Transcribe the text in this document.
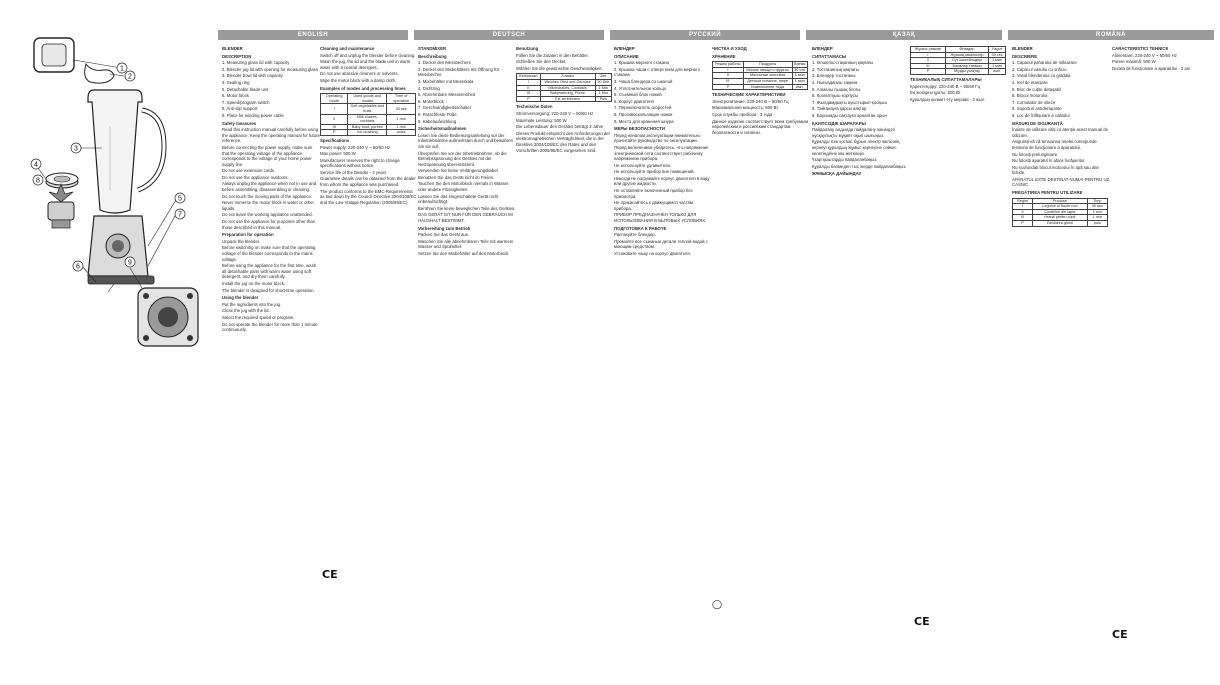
1
2
3
4
8
5
7
6
9
ENGLISH	DEUTSCH	РУССКИЙ	ҚАЗАҚ	ROMÂNĂ

BLENDER

DESCRIPTION

1. Measuring glass lid with capacity

2. Blender jug lid with opening for measuring glass

3. Blender bowl lid with capacity

4. Sealing ring

5. Detachable blade unit

6. Motor block

7. Speed/program switch

8. Anti-slip support

9. Place for winding power cable

Safety measures

Read this instruction manual carefully before using the appliance. Keep the operating manual for future reference.

Before connecting the power supply, make sure that the operating voltage of the appliance corresponds to the voltage of your home power supply line.

Do not use extension cords.

Do not use the appliance outdoors.

Always unplug the appliance when not in use and before assembling, disassembling or cleaning.

Do not touch the moving parts of the appliance.

Never immerse the motor block in water or other liquids.

Do not leave the working appliance unattended.

Do not use the appliance for purposes other than those described in this manual.

Preparation for operation

Unpack the blender.

Before switching on make sure that the operating voltage of the blender corresponds to the mains voltage.

Before using the appliance for the first time, wash all detachable parts with warm water using soft detergent, and dry them carefully.

Install the jug on the motor block.

The blender is designed for short-time operation.

Using the blender

Put the ingredients into the jug.

Close the jug with the lid.

Select the required speed or program.

Do not operate the blender for more than 1 minute continuously.

Cleaning and maintenance

Switch off and unplug the blender before cleaning.

Wash the jug, the lid and the blade unit in warm water with a neutral detergent.

Do not use abrasive cleaners or solvents.

Wipe the motor block with a damp cloth.

Examples of modes and processing times

Operating mode	Used goods and modes	Time of operation
I	Soft vegetables and fruits	30 sec
II	Milk shakes, cocktails	1 min
III	Baby food, purees	1 min
P	Ice crushing	pulse

Specifications

Power supply: 220-240 V ~ 50/60 Hz

Max power: 500 W

Manufacturer reserves the right to change specifications without notice.

Service life of the blender - 3 years

Guarantee details can be obtained from the dealer from whom the appliance was purchased.

The product conforms to the EMC-Requirements as laid down by the Council Directive 2004/108/EC and the Low Voltage Regulation (2006/95/EC).

CE

STANDMIXER

Beschreibung

1. Deckel des Messbechers

2. Deckel des Mixbehälters mit Öffnung für Messbecher

3. Mixbehälter mit Messskala

4. Dichtring

5. Abnehmbare Messereinheit

6. Motorblock

7. Geschwindigkeitsschalter

8. Rutschfeste Füße

9. Kabelaufwicklung

Sicherheitsmaßnahmen

Lesen Sie diese Bedienungsanleitung vor der Inbetriebnahme aufmerksam durch und bewahren Sie sie auf.

Überprüfen Sie vor der Inbetriebnahme, ob die Betriebsspannung des Gerätes mit der Netzspannung übereinstimmt.

Verwenden Sie keine Verlängerungskabel.

Benutzen Sie das Gerät nicht im Freien.

Tauchen Sie den Motorblock niemals in Wasser oder andere Flüssigkeiten.

Lassen Sie das eingeschaltete Gerät nicht unbeaufsichtigt.

Berühren Sie keine beweglichen Teile des Gerätes.

DAS GERÄT IST NUR FÜR DEN GEBRAUCH IM HAUSHALT BESTIMMT.

Vorbereitung zum Betrieb

Packen Sie das Gerät aus.

Waschen Sie alle abnehmbaren Teile mit warmem Wasser und Spülmittel.

Setzen Sie den Mixbehälter auf den Motorblock.

Benutzung

Füllen Sie die Zutaten in den Behälter.

Schließen Sie den Deckel.

Wählen Sie die gewünschte Geschwindigkeit.

Betriebsart	Zutaten	Zeit
I	Weiches Obst und Gemüse	30 Sek
II	Milchshakes, Cocktails	1 Min
III	Babynahrung, Püree	1 Min
P	Eis zerkleinern	Puls

Technische Daten

Stromversorgung: 220-240 V ~ 50/60 Hz

Maximale Leistung: 500 W

Die Lebensdauer des Gerätes beträgt 3 Jahre

Dieses Produkt entspricht den Anforderungen der elektromagnetischen Verträglichkeit, die in der Direktive 2004/108/EC des Rates und den Vorschriften 2006/95/EC vorgesehen sind.

БЛЕНДЕР

ОПИСАНИЕ

1. Крышка мерного стакана

2. Крышка чаши с отверстием для мерного стакана

3. Чаша блендера со шкалой

4. Уплотнительное кольцо

5. Съемный блок ножей

6. Корпус двигателя

7. Переключатель скоростей

8. Противоскользящие ножки

9. Место для хранения шнура

МЕРЫ БЕЗОПАСНОСТИ

Перед началом эксплуатации внимательно прочитайте руководство по эксплуатации.

Перед включением убедитесь, что напряжение электрической сети соответствует рабочему напряжению прибора.

Не используйте удлинители.

Не используйте прибор вне помещений.

Никогда не погружайте корпус двигателя в воду или другие жидкости.

Не оставляйте включенный прибор без присмотра.

Не прикасайтесь к движущимся частям прибора.

ПРИБОР ПРЕДНАЗНАЧЕН ТОЛЬКО ДЛЯ ИСПОЛЬЗОВАНИЯ В БЫТОВЫХ УСЛОВИЯХ.

ПОДГОТОВКА К РАБОТЕ

Распакуйте блендер.

Промойте все съемные детали теплой водой с моющим средством.

Установите чашу на корпус двигателя.

ЧИСТКА И УХОД

ХРАНЕНИЕ

Режим работы	Продукты	Время
I	Мягкие овощи и фрукты	30 сек
II	Молочные коктейли	1 мин
III	Детское питание, пюре	1 мин
P	Измельчение льда	имп.

ТЕХНИЧЕСКИЕ ХАРАКТЕРИСТИКИ

Электропитание: 220-240 В ~ 50/60 Гц

Максимальная мощность: 500 Вт

Срок службы прибора - 3 года

Данное изделие соответствует всем требуемым европейским и российским стандартам безопасности и гигиены.

◯

БЛЕНДЕР

СИПАТТАМАСЫ

1. Өлшегіш стақанның қақпағы

2. Тостағанның қақпағы

3. Блендер тостағаны

4. Нығыздағыш сақина

5. Алмалы пышақ блогы

6. Қозғалтқыш корпусы

7. Жылдамдықты ауыстырып-қосқыш

8. Тайғанауға қарсы аяқтар

9. Баусымды сақтауға арналған орын

ҚАУІПСІЗДІК ШАРАЛАРЫ

Пайдалану алдында пайдалану жөніндегі нұсқаулықты мұқият оқып шығыңыз.

Құралды іске қоспас бұрын электр желісінің кернеуі құралдың жұмыс кернеуіне сәйкес келетіндігіне көз жеткізіңіз.

Ұзартқыштарды пайдаланбаңыз.

Құралды бөлмеден тыс жерде пайдаланбаңыз.

ЖҰМЫСҚА ДАЙЫНДАУ

Жұмыс режимі	Өнімдер	Уақыт
I	Жұмсақ көкөністер	30 сек
II	Сүт коктейльдері	1 мин
III	Балалар тағамы	1 мин
P	Мұзды ұсақтау	имп.

ТЕХНИКАЛЫҚ СИПАТТАМАЛАРЫ

Қоректендіру: 220-240 В ~ 50/60 Гц

Ең жоғарғы қуаты: 500 Вт

Құралдың қызмет ету мерзімі - 3 жыл

CE

BLENDER

DESCRIERE

1. Capacul paharului de măsurare

2. Capacul vasului cu orificiu

3. Vasul blenderului cu gradații

4. Inel de etanșare

5. Bloc de cuțite detașabil

6. Blocul motorului

7. Comutator de viteze

8. Suporturi antiderapante

9. Loc de înfășurare a cablului

MĂSURI DE SIGURANȚĂ

Înainte de utilizare citiți cu atenție acest manual de utilizare.

Asigurați-vă că tensiunea rețelei corespunde tensiunii de funcționare a aparatului.

Nu folosiți prelungitoare.

Nu folosiți aparatul în afara încăperilor.

Nu scufundați blocul motorului în apă sau alte lichide.

APARATUL ESTE DESTINAT NUMAI PENTRU UZ CASNIC.

PREGĂTIREA PENTRU UTILIZARE

Regim	Produse	Timp
I	Legume și fructe moi	30 sec
II	Cocteiluri din lapte	1 min
III	Hrană pentru copii	1 min
P	Zdrobirea gheții	puls

CARACTERISTICI TEHNICE

Alimentare: 220-240 V ~ 50/60 Hz

Putere maximă: 500 W

Durata de funcționare a aparatului - 3 ani

CE
